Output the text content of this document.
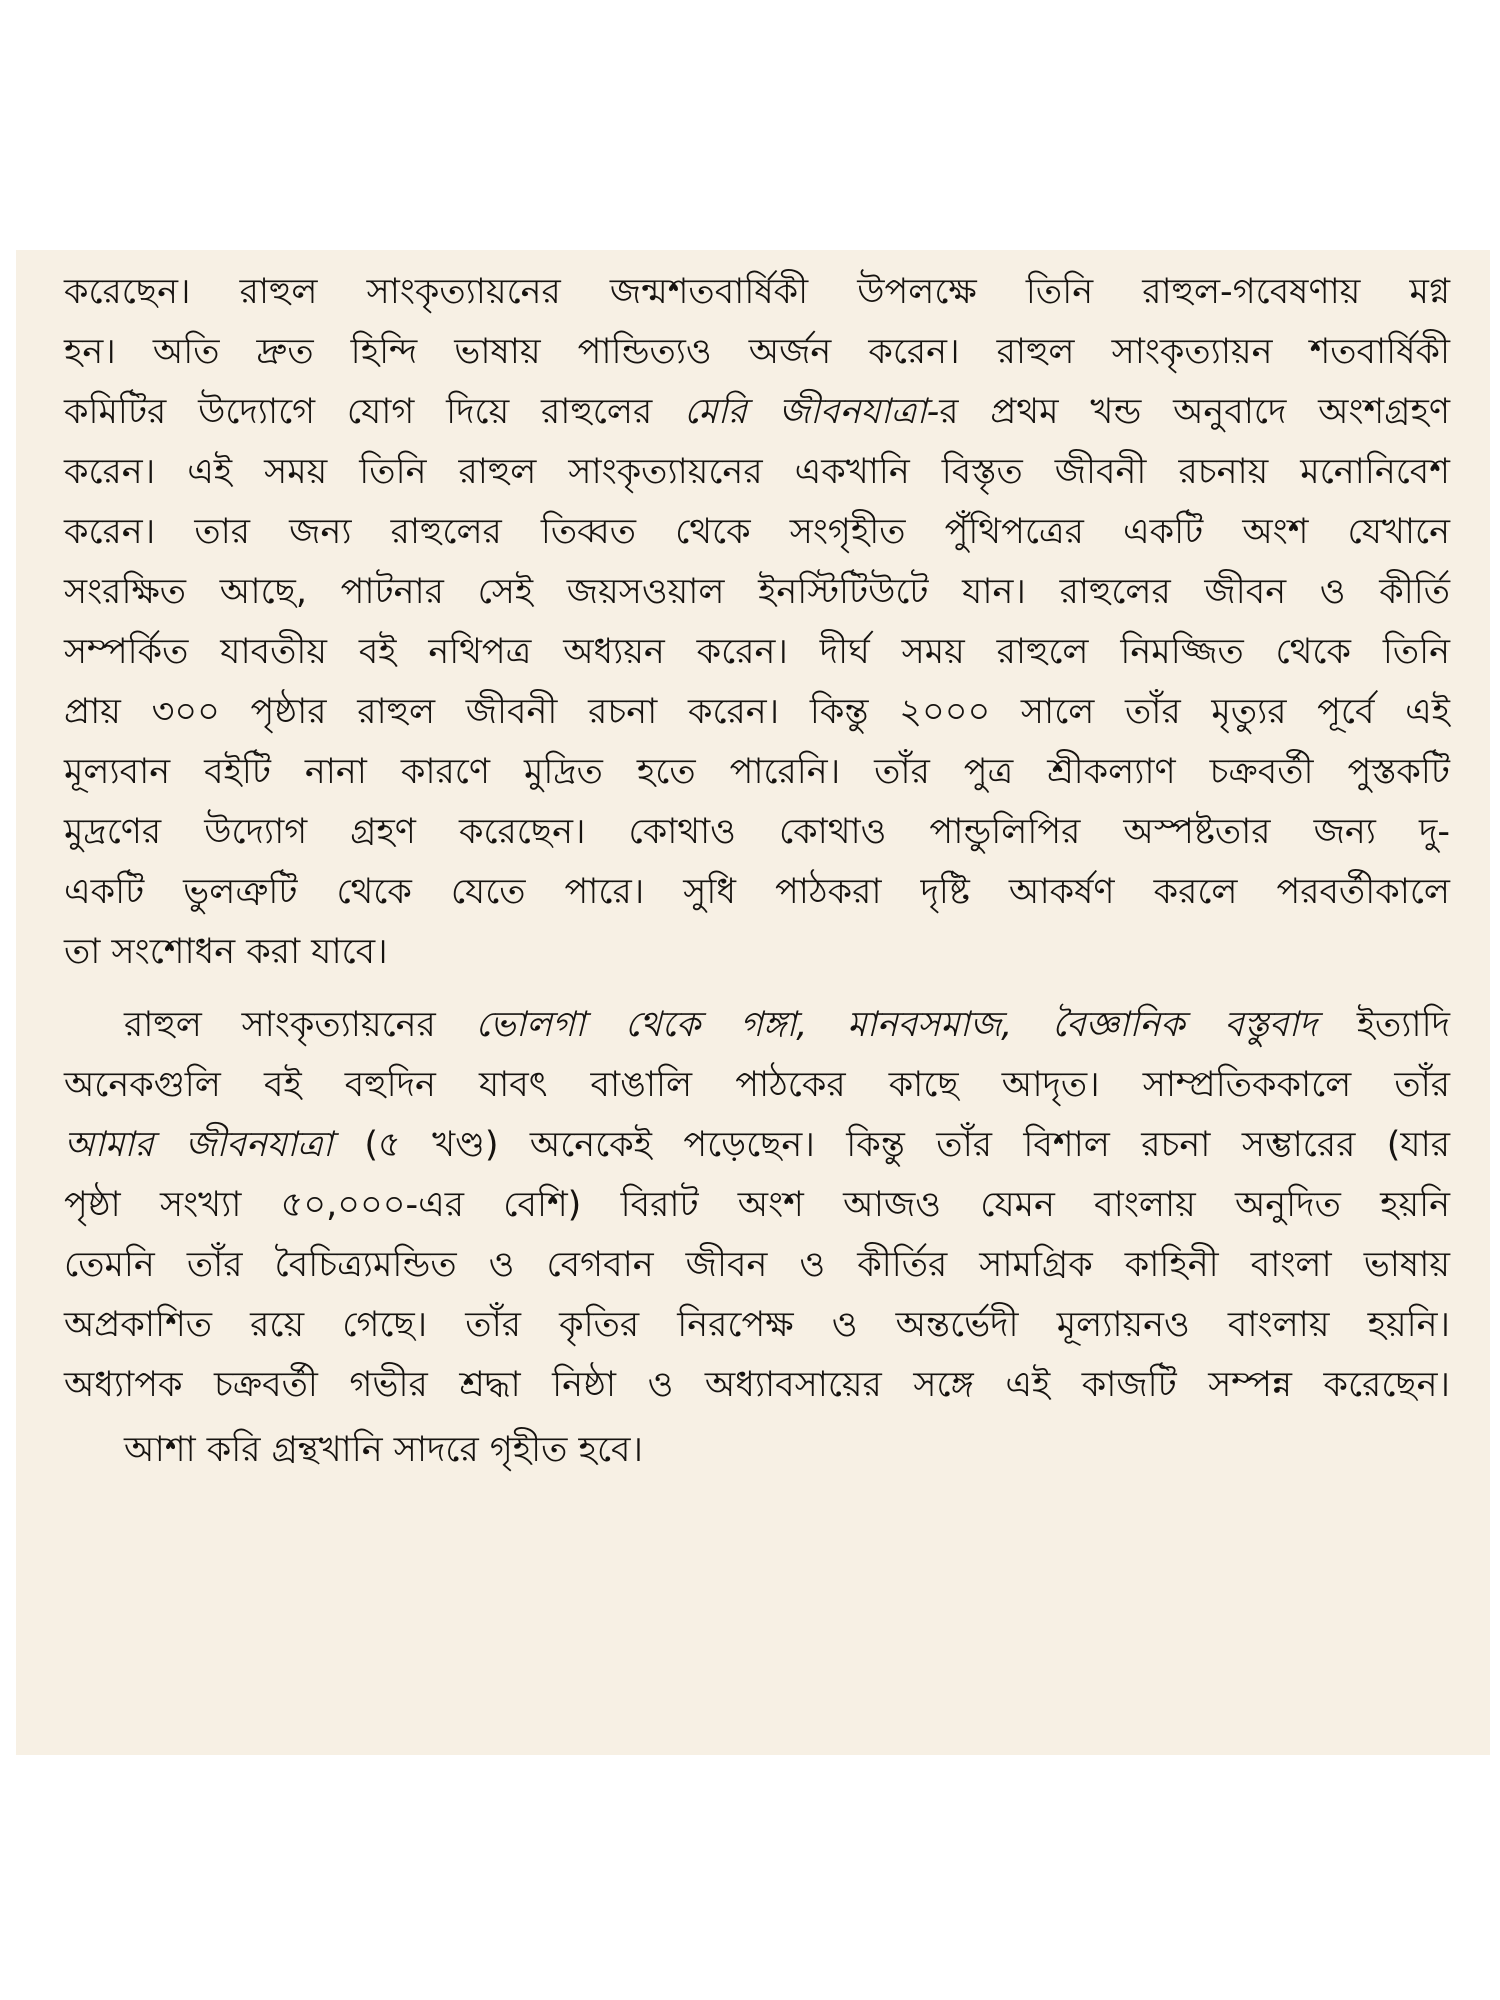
করেছেন। রাহুল সাংকৃত্যায়নের জন্মশতবার্ষিকী উপলক্ষে তিনি রাহুল-গবেষণায় মগ্ন
হন। অতি দ্রুত হিন্দি ভাষায় পান্ডিত্যও অর্জন করেন। রাহুল সাংকৃত্যায়ন শতবার্ষিকী
কমিটির উদ্যোগে যোগ দিয়ে রাহুলের মেরি জীবনযাত্রা-র প্রথম খন্ড অনুবাদে অংশগ্রহণ
করেন। এই সময় তিনি রাহুল সাংকৃত্যায়নের একখানি বিস্তৃত জীবনী রচনায় মনোনিবেশ
করেন। তার জন্য রাহুলের তিব্বত থেকে সংগৃহীত পুঁথিপত্রের একটি অংশ যেখানে
সংরক্ষিত আছে, পাটনার সেই জয়সওয়াল ইনস্টিটিউটে যান। রাহুলের জীবন ও কীর্তি
সম্পর্কিত যাবতীয় বই নথিপত্র অধ্যয়ন করেন। দীর্ঘ সময় রাহুলে নিমজ্জিত থেকে তিনি
প্রায় ৩০০ পৃষ্ঠার রাহুল জীবনী রচনা করেন। কিন্তু ২০০০ সালে তাঁর মৃত্যুর পূর্বে এই
মূল্যবান বইটি নানা কারণে মুদ্রিত হতে পারেনি। তাঁর পুত্র শ্রীকল্যাণ চক্রবর্তী পুস্তকটি
মুদ্রণের উদ্যোগ গ্রহণ করেছেন। কোথাও কোথাও পান্ডুলিপির অস্পষ্টতার জন্য দু-
একটি ভুলত্রুটি থেকে যেতে পারে। সুধি পাঠকরা দৃষ্টি আকর্ষণ করলে পরবর্তীকালে
তা সংশোধন করা যাবে।
রাহুল সাংকৃত্যায়নের ভোলগা থেকে গঙ্গা, মানবসমাজ, বৈজ্ঞানিক বস্তুবাদ ইত্যাদি
অনেকগুলি বই বহুদিন যাবৎ বাঙালি পাঠকের কাছে আদৃত। সাম্প্রতিককালে তাঁর
আমার জীবনযাত্রা (৫ খণ্ড) অনেকেই পড়েছেন। কিন্তু তাঁর বিশাল রচনা সম্ভারের (যার
পৃষ্ঠা সংখ্যা ৫০,০০০-এর বেশি) বিরাট অংশ আজও যেমন বাংলায় অনুদিত হয়নি
তেমনি তাঁর বৈচিত্র্যমন্ডিত ও বেগবান জীবন ও কীর্তির সামগ্রিক কাহিনী বাংলা ভাষায়
অপ্রকাশিত রয়ে গেছে। তাঁর কৃতির নিরপেক্ষ ও অন্তর্ভেদী মূল্যায়নও বাংলায় হয়নি।
অধ্যাপক চক্রবর্তী গভীর শ্রদ্ধা নিষ্ঠা ও অধ্যাবসায়ের সঙ্গে এই কাজটি সম্পন্ন করেছেন।
আশা করি গ্রন্থখানি সাদরে গৃহীত হবে।
